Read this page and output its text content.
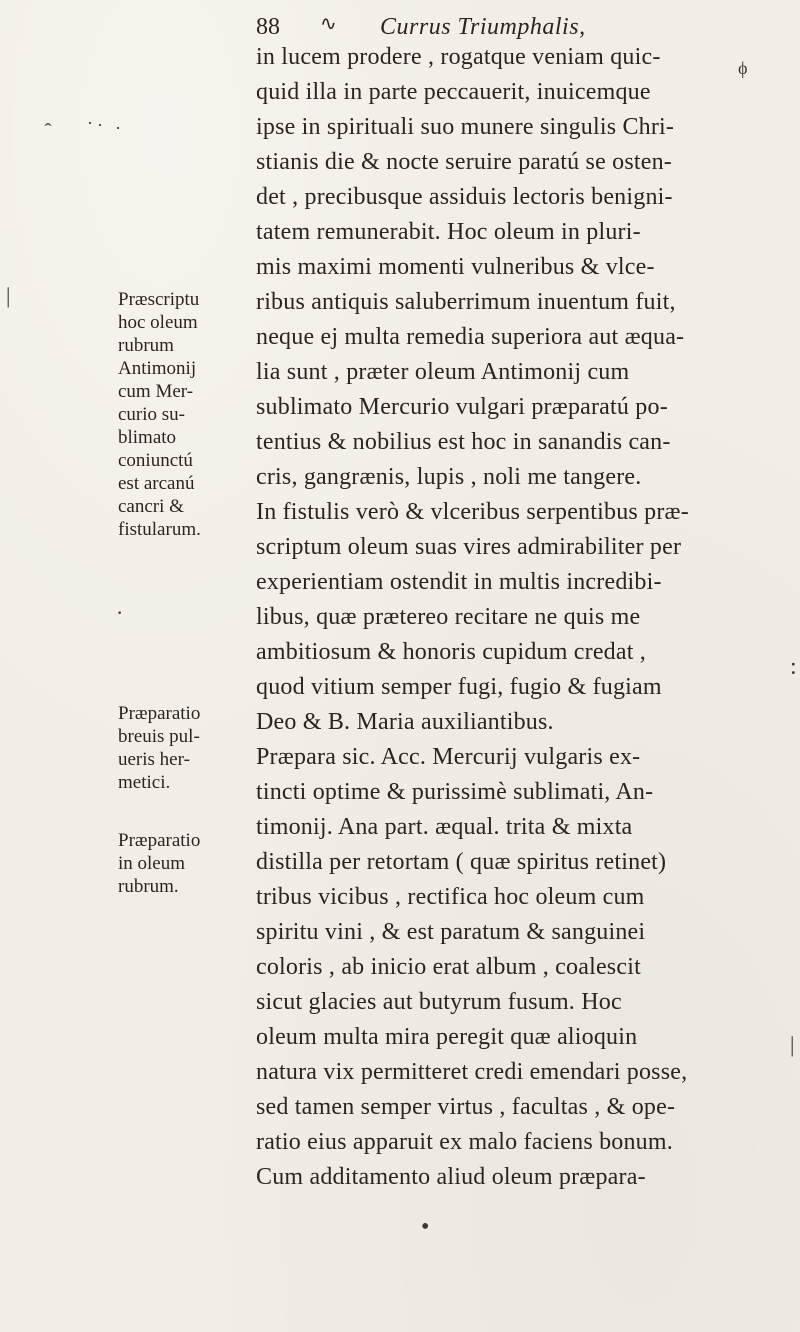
88 ∿ Currus Triumphalis,
in lucem prodere , rogatque veniam quic-
quid illa in parte peccauerit, inuicemque
ipse in spirituali suo munere singulis Chri-
stianis die & nocte seruire paratú se osten-
det , precibusque assiduis lectoris benigni-
tatem remunerabit. Hoc oleum in pluri-
mis maximi momenti vulneribus & vlce-
ribus antiquis saluberrimum inuentum fuit,
neque ej multa remedia superiora aut æqua-
lia sunt , præter oleum Antimonij cum
sublimato Mercurio vulgari præparatú po-
tentius & nobilius est hoc in sanandis can-
cris, gangrænis, lupis , noli me tangere.
In fistulis verò & vlceribus serpentibus præ-
scriptum oleum suas vires admirabiliter per
experientiam ostendit in multis incredibi-
libus, quæ prætereo recitare ne quis me
ambitiosum & honoris cupidum credat ,
quod vitium semper fugi, fugio & fugiam
Deo & B. Maria auxiliantibus.
Præpara sic. Acc. Mercurij vulgaris ex-
tincti optime & purissimè sublimati, An-
timonij. Ana part. æqual. trita & mixta
distilla per retortam ( quæ spiritus retinet)
tribus vicibus , rectifica hoc oleum cum
spiritu vini , & est paratum & sanguinei
coloris , ab inicio erat album , coalescit
sicut glacies aut butyrum fusum. Hoc
oleum multa mira peregit quæ alioquin
natura vix permitteret credi emendari posse,
sed tamen semper virtus , facultas , & ope-
ratio eius apparuit ex malo faciens bonum.
Cum additamento aliud oleum præpara-
Præscriptu
hoc oleum
rubrum
Antimonij
cum Mer-
curio su-
blimato
coniunctú
est arcanú
cancri &
fistularum.
Præparatio
breuis pul-
ueris her-
metici.
Præparatio
in oleum
rubrum.
ϕ
ˆ · · ·
|
·
•
:
|
